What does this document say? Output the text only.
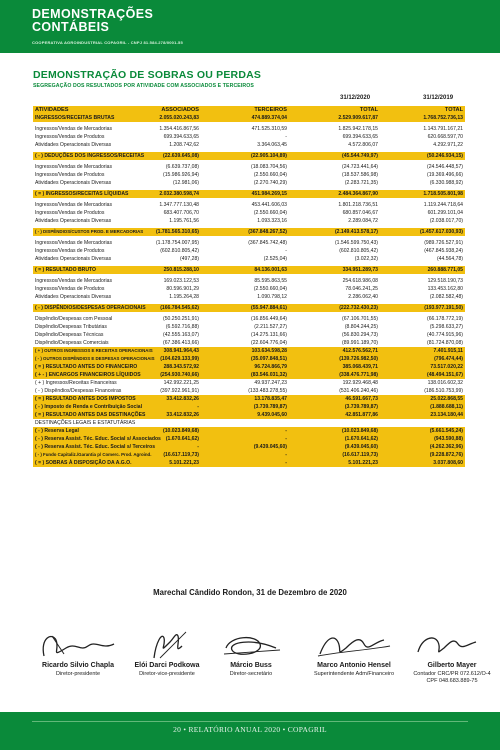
DEMONSTRAÇÕES
CONTÁBEIS
COOPERATIVA AGROINDUSTRIAL COPAGRIL - CNPJ 81.584.278/0001-55
DEMONSTRAÇÃO DE SOBRAS OU PERDAS
SEGREGAÇÃO DOS RESULTADOS POR ATIVIDADE COM ASSOCIADOS E TERCEIROS
31/12/2020	31/12/2019
ATIVIDADES	ASSOCIADOS	TERCEIROS	TOTAL	TOTAL
INGRESSOS/RECEITAS BRUTAS	2.055.020.243,83	474.889.374,04	2.529.909.617,87	1.768.752.736,13
Ingressos/Vendas de Mercadorias	1.354.416.867,56	471.525.310,59	1.825.942.178,15	1.143.791.167,21
Ingressos/Vendas de Produtos	699.394.633,65	-	699.394.633,65	620.668.597,70
Atividades Operacionais Diversas	1.208.742,62	3.364.063,45	4.572.806,07	4.292.971,22
( - ) DEDUÇÕES DOS INGRESSOS/RECEITAS	(22.639.645,08)	(22.905.104,89)	(45.544.749,97)	(50.246.934,15)
Ingressos/Vendas de Mercadorias	(6.639.737,08)	(18.083.704,56)	(24.723.441,64)	(24.546.448,57)
Ingressos/Vendas de Produtos	(15.986.926,94)	(2.550.660,04)	(18.537.586,98)	(19.369.496,66)
Atividades Operacionais Diversas	(12.981,06)	(2.270.740,29)	(2.283.721,35)	(6.330.988,92)
( = ) INGRESSOS/RECEITAS LÍQUIDAS	2.032.380.598,74	451.984.269,15	2.484.364.867,90	1.718.505.801,98
Ingressos/Vendas de Mercadorias	1.347.777.130,48	453.441.606,03	1.801.218.736,51	1.119.244.718,64
Ingressos/Vendas de Produtos	683.407.706,70	(2.550.660,04)	680.857.046,67	601.299.101,04
Atividades Operacionais Diversas	1.195.761,56	1.093.323,16	2.289.084,72	(2.038.017,70)
( - ) DISPÊNDIOS/CUSTOS PROD. E MERCADORIAS (1.781.565.310,65)	(367.848.267,52)	(2.149.413.578,17)	(1.457.617.030,93)
Ingressos/Vendas de Mercadorias	(1.178.754.007,95)	(367.845.742,48)	(1.546.599.750,43)	(989.726.527,91)
Ingressos/Vendas de Produtos	(602.810.805,42)	-	(602.810.805,42)	(467.845.938,24)
Atividades Operacionais Diversas	(497,28)	(2.525,04)	(3.022,32)	(44.564,78)
( = ) RESULTADO BRUTO	250.815.288,10	84.136.001,63	334.951.289,73	260.888.771,05
Ingressos/Vendas de Mercadorias	169.023.122,53	85.595.863,55	254.618.986,08	129.518.190,73
Ingressos/Vendas de Produtos	80.596.901,29	(2.550.660,04)	78.046.241,25	133.453.162,80
Atividades Operacionais Diversas	1.195.264,28	1.090.798,12	2.286.062,40	(2.082.582,48)
( - ) DISPÊNDIOS/DESPESAS OPERACIONAIS	(166.784.545,62)	(55.947.884,61)	(222.732.430,23)	(193.977.191,50)
Dispêndio/Despesas com Pessoal	(50.250.251,91)	(16.856.449,64)	(67.106.701,55)	(66.178.772,19)
Dispêndio/Despesas Tributárias	(6.592.716,88)	(2.211.527,27)	(8.804.244,25)	(5.298.633,27)
Dispêndio/Despesas Técnicas	(42.555.163,07)	(14.275.131,66)	(56.830.294,73)	(40.774.915,96)
Dispêndio/Despesas Comerciais	(67.386.413,66)	(22.604.776,04)	(89.991.189,70)	(81.724.870,08)
( + ) OUTROS INGRESSOS E RECEITAS OPERACIONAIS 308.941.964,43	103.634.598,28	412.576.562,71	7.401.915,11
( - ) OUTROS DISPÊNDIOS E DESPESAS OPERACIONAIS (104.629.133,99)	(35.097.848,51)	(139.726.982,50)	(796.474,44)
( = ) RESULTADO ANTES DO FINANCEIRO	288.343.572,92	96.724.866,79	385.068.439,71	73.517.020,22
( + - ) ENCARGOS FINANCEIROS LÍQUIDOS	(254.930.740,66)	(83.546.031,32)	(338.476.771,98)	(48.494.151,67)
( + ) Ingressos/Receitas Financeiras	142.992.221,25	49.937.247,23	192.929.468,48	138.016.602,32
( - ) Dispêndios/Despesas Financeiras	(397.922.961,91)	(133.483.278,55)	(531.406.240,46)	(186.510.753,99)
( = ) RESULTADO ANTES DOS IMPOSTOS	33.412.832,26	13.178.835,47	46.591.667,73	25.022.868,55
( - ) Imposto de Renda e Contribuição Social	-	(3.739.789,87)	(3.739.789,87)	(1.888.688,11)
( = ) RESULTADO ANTES DAS DESTINAÇÕES	33.412.832,26	9.439.045,60	42.851.877,86	23.134.180,44
DESTINAÇÕES LEGAIS E ESTATUTÁRIAS
( - ) Reserva Legal	(10.023.849,68)	-	(10.023.849,68)	(5.661.545,24)
( - ) Reserva Assist. Téc. Educ. Social s/ Associados (1.670.641,62)	-	(1.670.641,62)	(943.590,88)
( - ) Reserva Assist. Téc. Educ. Social s/ Terceiros	-	(9.439.045,60)	(9.439.045,60)	(4.262.362,96)
( - ) Fundo Capitaliz./Garantia p/ Comerc. Prod. Agroind. (16.617.119,73)	-	(16.617.119,73)	(9.228.872,76)
( = ) SOBRAS À DISPOSIÇÃO DA A.G.O.	5.101.221,23	-	5.101.221,23	3.037.808,60
Marechal Cândido Rondon, 31 de Dezembro de 2020
Ricardo Silvio Chapla
Diretor-presidente
Elói Darci Podkowa
Diretor-vice-presidente
Márcio Buss
Diretor-secretário
Marco Antonio Hensel
Superintendente Adm/Financeiro
Gilberto Mayer
Contador CRC/PR 072.612/O-4
CPF 048.683.889-75
20 • RELATÓRIO ANUAL 2020 • COPAGRIL
